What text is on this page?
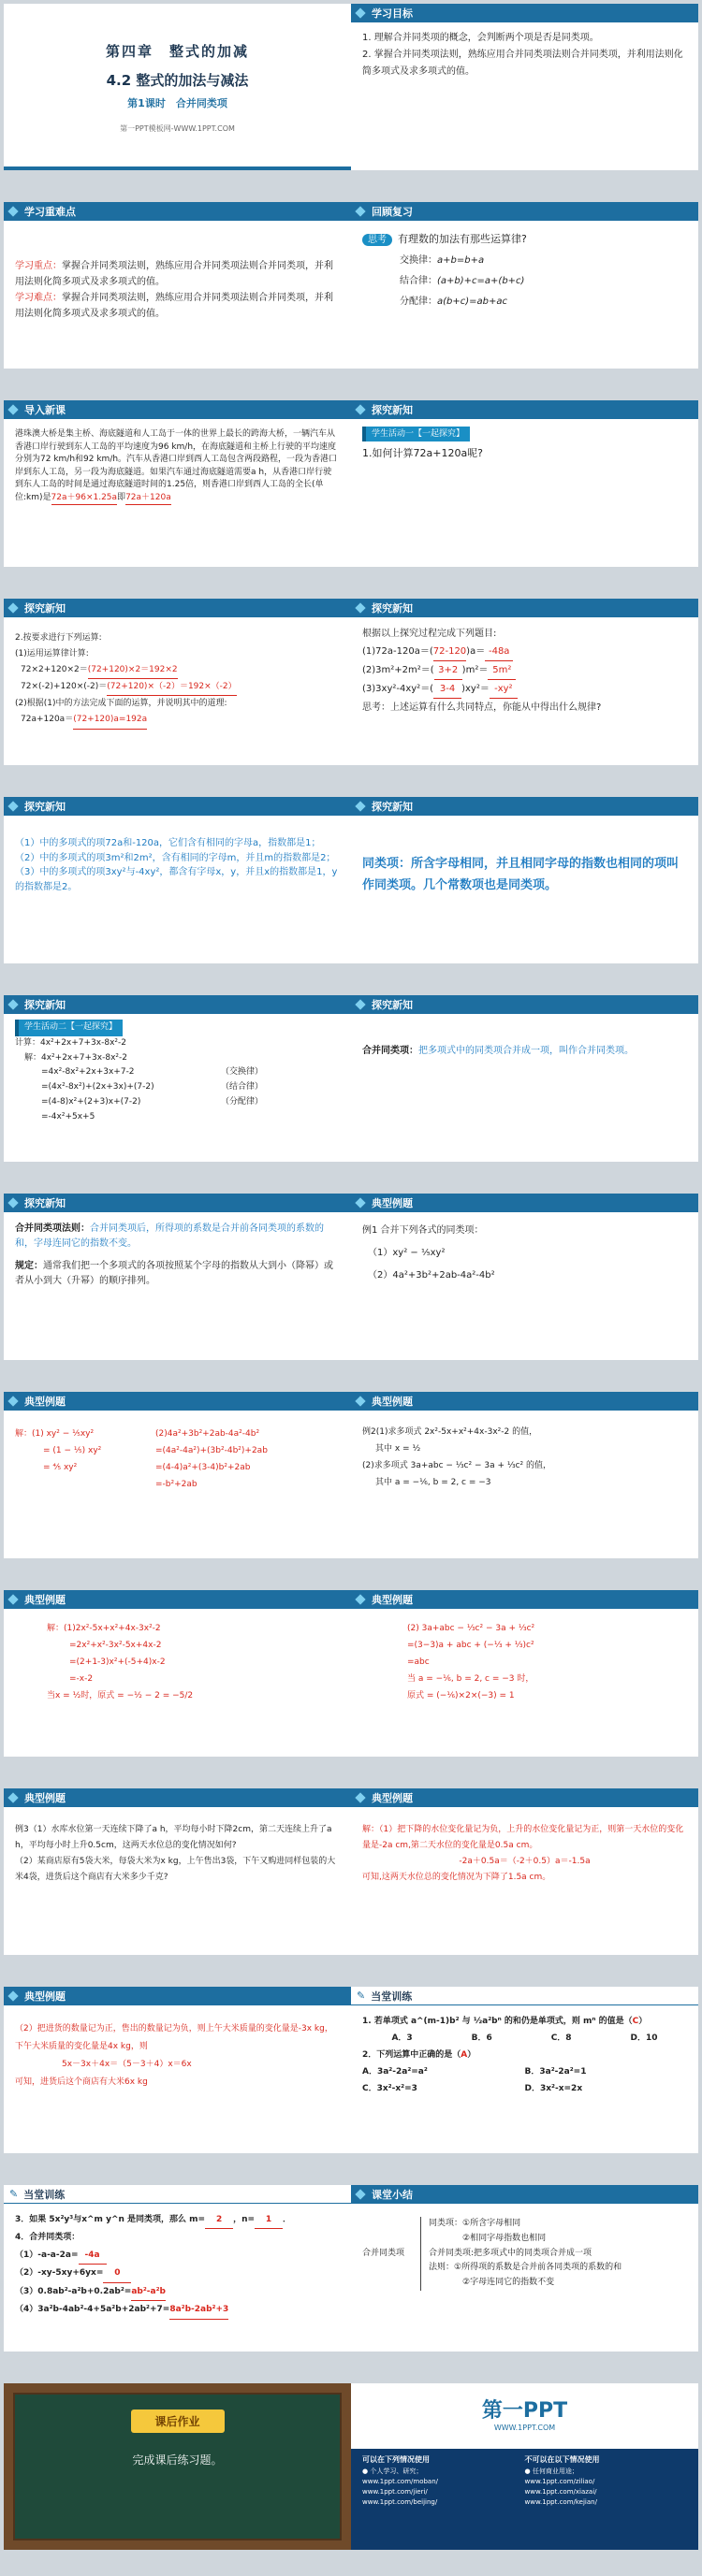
第四章　整式的加减
4.2 整式的加法与减法
第1课时　合并同类项
第一PPT模板网-WWW.1PPT.COM
学习目标
1. 理解合并同类项的概念，会判断两个项是否是同类项。
2. 掌握合并同类项法则，熟练应用合并同类项法则合并同类项，并利用法则化简多项式及求多项式的值。
学习重难点
学习重点：掌握合并同类项法则，熟练应用合并同类项法则合并同类项，并利用法则化简多项式及求多项式的值。
学习难点：掌握合并同类项法则，熟练应用合并同类项法则合并同类项，并利用法则化简多项式及求多项式的值。
回顾复习
思考 有理数的加法有那些运算律?
交换律：a+b=b+a
结合律：(a+b)+c=a+(b+c)
分配律：a(b+c)=ab+ac
导入新课
港珠澳大桥是集主桥、海底隧道和人工岛于一体的世界上最长的跨海大桥，一辆汽车从香港口岸行驶到东人工岛的平均速度为96 km/h，在海底隧道和主桥上行驶的平均速度分别为72 km/h和92 km/h。汽车从香港口岸到西人工岛包含两段路程，一段为香港口岸到东人工岛，另一段为海底隧道。如果汽车通过海底隧道需要a h，从香港口岸行驶到东人工岛的时间是通过海底隧道时间的1.25倍，则香港口岸到西人工岛的全长(单位:km)是72a＋96×1.25a即72a＋120a
探究新知
学生活动一【一起探究】
1.如何计算72a+120a呢?
探究新知
2.按要求进行下列运算:
(1)运用运算律计算:
72×2+120×2＝(72+120)×2＝192×2
72×(-2)+120×(-2)＝(72+120)×（-2）＝192×（-2）
(2)根据(1)中的方法完成下面的运算，并说明其中的道理:
72a+120a＝(72+120)a=192a
探究新知
根据以上探究过程完成下列题目:
(1)72a-120a＝(72-120)a＝ -48a
(2)3m²+2m²＝( 3+2 )m²＝ 5m²
(3)3xy²-4xy²＝( 3-4 )xy²＝ -xy²
思考：上述运算有什么共同特点，你能从中得出什么规律?
探究新知
（1）中的多项式的项72a和-120a，它们含有相同的字母a，指数都是1；
（2）中的多项式的项3m²和2m²，含有相同的字母m，并且m的指数都是2；
（3）中的多项式的项3xy²与-4xy²，都含有字母x，y，并且x的指数都是1，y的指数都是2。
探究新知
同类项：所含字母相同，并且相同字母的指数也相同的项叫作同类项。几个常数项也是同类项。
探究新知
学生活动二【一起探究】
计算：4x²+2x+7+3x-8x²-2
解：4x²+2x+7+3x-8x²-2
=4x²-8x²+2x+3x+7-2	（交换律）
=(4x²-8x²)+(2x+3x)+(7-2)	（结合律）
=(4-8)x²+(2+3)x+(7-2)	（分配律）
=-4x²+5x+5
探究新知
合并同类项：把多项式中的同类项合并成一项，叫作合并同类项。
探究新知
合并同类项法则：合并同类项后，所得项的系数是合并前各同类项的系数的和，字母连同它的指数不变。
规定：通常我们把一个多项式的各项按照某个字母的指数从大到小（降幂）或者从小到大（升幂）的顺序排列。
典型例题
例1 合并下列各式的同类项：
（1）xy² − ⅕xy²
（2）4a²+3b²+2ab-4a²-4b²
典型例题
解：(1) xy² − ⅕xy²
= (1 − ⅕) xy²
= ⅘ xy²
(2)4a²+3b²+2ab-4a²-4b²
=(4a²-4a²)+(3b²-4b²)+2ab
=(4-4)a²+(3-4)b²+2ab
=-b²+2ab
典型例题
例2(1)求多项式 2x²-5x+x²+4x-3x²-2 的值，
其中 x = ½
(2)求多项式 3a+abc − ⅓c² − 3a + ⅓c² 的值，
其中 a = −⅙, b = 2, c = −3
典型例题
解：(1)2x²-5x+x²+4x-3x²-2
=2x²+x²-3x²-5x+4x-2
=(2+1-3)x²+(-5+4)x-2
=-x-2
当x = ½时，原式 = −½ − 2 = −5/2
典型例题
(2) 3a+abc − ⅓c² − 3a + ⅓c²
=(3−3)a + abc + (−⅓ + ⅓)c²
=abc
当 a = −⅙, b = 2, c = −3 时，
原式 = (−⅙)×2×(−3) = 1
典型例题
例3（1）水库水位第一天连续下降了a h，平均每小时下降2cm，第二天连续上升了a h，平均每小时上升0.5cm，这两天水位总的变化情况如何?
（2）某商店原有5袋大米，每袋大米为x kg，上午售出3袋，下午又购进同样包装的大米4袋，进货后这个商店有大米多少千克?
典型例题
解：（1）把下降的水位变化量记为负，上升的水位变化量记为正，则第一天水位的变化量是-2a cm,第二天水位的变化量是0.5a cm。
-2a＋0.5a＝（-2＋0.5）a＝-1.5a
可知,这两天水位总的变化情况为下降了1.5a cm。
典型例题
（2）把进货的数量记为正，售出的数量记为负，则上午大米质量的变化量是-3x kg，下午大米质量的变化量是4x kg，则
5x－3x＋4x＝（5－3＋4）x＝6x
可知，进货后这个商店有大米6x kg
✎ 当堂训练
1. 若单项式 a^(m-1)b² 与 ½a²bⁿ 的和仍是单项式，则 mⁿ 的值是（C）
A．3	B．6	C．8	D．10
2．下列运算中正确的是（A）
A．3a²-2a²=a²	B．3a²-2a²=1
C．3x²-x²=3	D．3x²-x=2x
✎ 当堂训练
3．如果 5x²y³与x^m y^n 是同类项，那么 m= 2 ，n= 1 ．
4．合并同类项：
（1）-a-a-2a= -4a
（2）-xy-5xy+6yx= 0
（3）0.8ab²-a²b+0.2ab²=ab²-a²b
（4）3a²b-4ab²-4+5a²b+2ab²+7=8a²b-2ab²+3
课堂小结
合并同类项
同类项：①所含字母相同
②相同字母指数也相同
合并同类项:把多项式中的同类项合并成一项
法则：①所得项的系数是合并前各同类项的系数的和
②字母连同它的指数不变
课后作业
完成课后练习题。
第一PPT
WWW.1PPT.COM
可以在下列情况使用
● 个人学习、研究；
www.1ppt.com/moban/
www.1ppt.com/jieri/
www.1ppt.com/beijing/
不可以在以下情况使用
● 任何商业用途；
www.1ppt.com/ziliao/
www.1ppt.com/xiazai/
www.1ppt.com/kejian/
